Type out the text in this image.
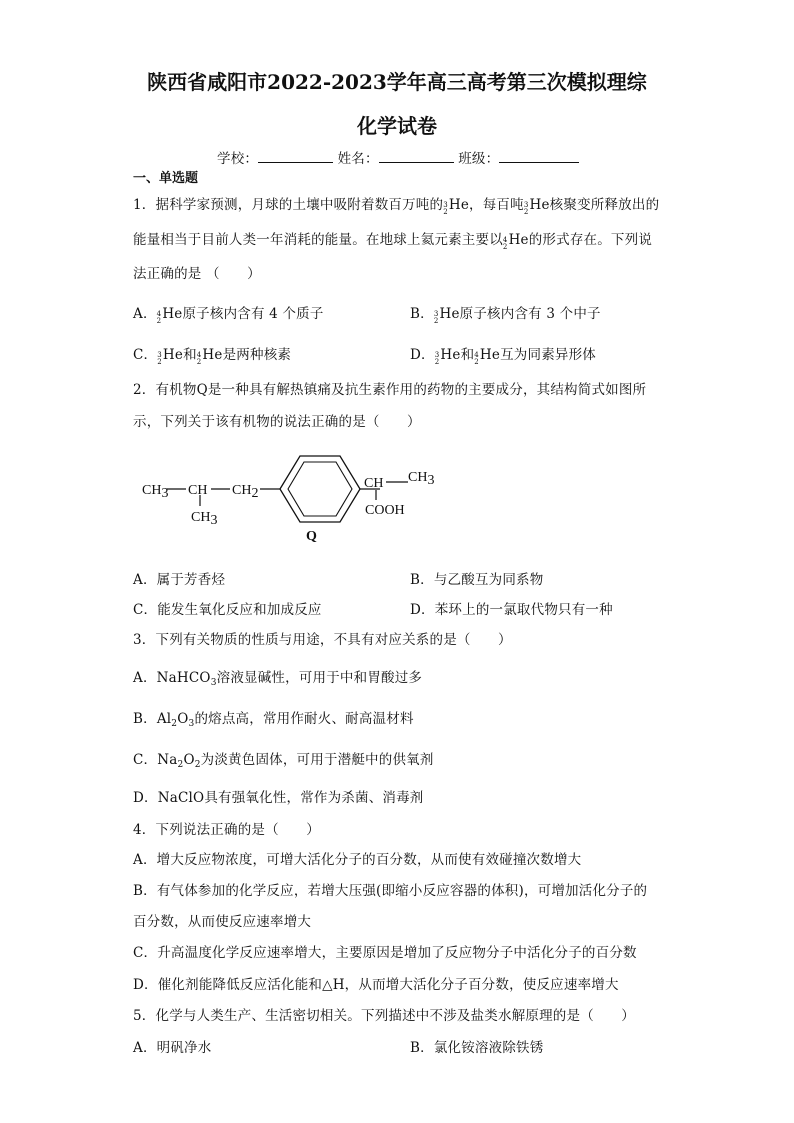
陕西省咸阳市2022-2023学年高三高考第三次模拟理综
化学试卷
学校：	姓名：	班级：
一、单选题
1．据科学家预测，月球的土壤中吸附着数百万吨的 3
2 He，每百吨 3
2 He核聚变所释放出的
能量相当于目前人类一年消耗的能量。在地球上氦元素主要以 4
2 He的形式存在。下列说
法正确的是 （　　）
A． 4
2 He原子核内含有 4 个质子	B． 3
2 He原子核内含有 3 个中子
C． 3
2 He和 4
2 He是两种核素	D． 3
2 He和 4
2 He互为同素异形体
2．有机物Q是一种具有解热镇痛及抗生素作用的药物的主要成分，其结构简式如图所
示，下列关于该有机物的说法正确的是（　　）
CH3 CH
CH3
CH2
CH CH3
COOH
Q
A．属于芳香烃	B．与乙酸互为同系物
C．能发生氧化反应和加成反应	D．苯环上的一氯取代物只有一种
3．下列有关物质的性质与用途，不具有对应关系的是（　　）
A．NaHCO$_3$溶液显碱性，可用于中和胃酸过多
B．$Al_2O_3$的熔点高，常用作耐火、耐高温材料
C．$Na_2O_2$为淡黄色固体，可用于潜艇中的供氧剂
D．NaClO具有强氧化性，常作为杀菌、消毒剂
4．下列说法正确的是（　　）
A．增大反应物浓度，可增大活化分子的百分数，从而使有效碰撞次数增大
B．有气体参加的化学反应，若增大压强(即缩小反应容器的体积)，可增加活化分子的
百分数，从而使反应速率增大
C．升高温度化学反应速率增大，主要原因是增加了反应物分子中活化分子的百分数
D．催化剂能降低反应活化能和△H，从而增大活化分子百分数，使反应速率增大
5．化学与人类生产、生活密切相关。下列描述中不涉及盐类水解原理的是（　　）
A．明矾净水	B．氯化铵溶液除铁锈
